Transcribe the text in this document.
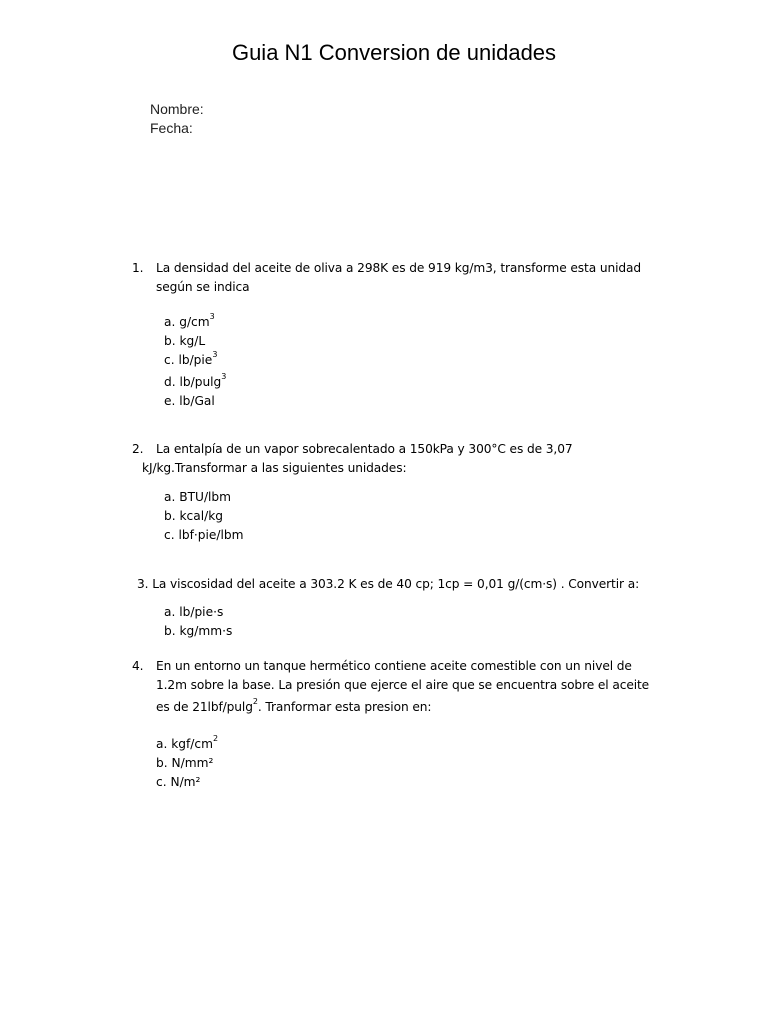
Guia N1 Conversion de unidades
Nombre:
Fecha:
1. La densidad del aceite de oliva a 298K es de 919 kg/m3, transforme esta unidad
según se indica
a. $g/cm^3$
b. kg/L
c. lb/pie$^3$
d. lb/pulg$^3$
e. lb/Gal
2. La entalpía de un vapor sobrecalentado a 150kPa y 300°C es de 3,07
kJ/kg.Transformar a las siguientes unidades:
a. BTU/lbm
b. kcal/kg
c. lbf·pie/lbm
3. La viscosidad del aceite a 303.2 K es de 40 cp; 1cp = 0,01 g/(cm·s) . Convertir a:
a. lb/pie·s
b. kg/mm·s
4. En un entorno un tanque hermético contiene aceite comestible con un nivel de
1.2m sobre la base. La presión que ejerce el aire que se encuentra sobre el aceite
es de 21lbf/pulg$^2$. Tranformar esta presion en:
a. kgf/$cm^2$
b. N/mm²
c. N/m²
